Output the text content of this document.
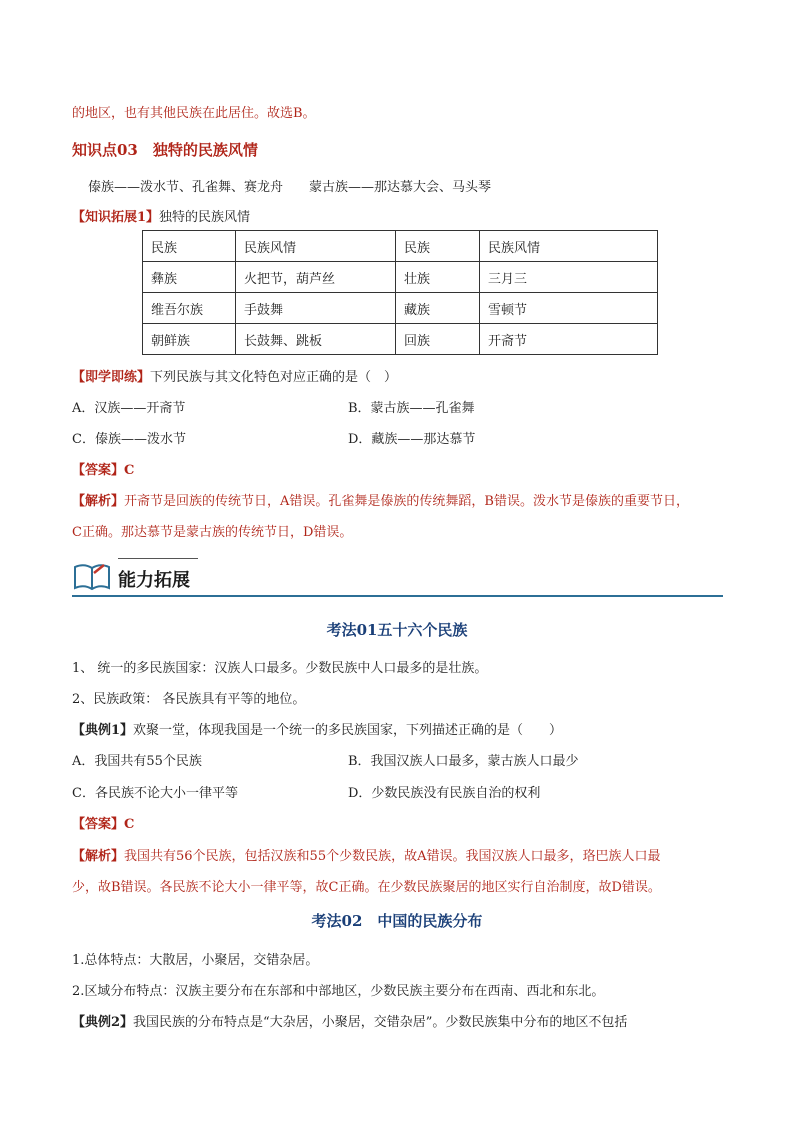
的地区，也有其他民族在此居住。故选B。
知识点03　独特的民族风情
傣族——泼水节、孔雀舞、赛龙舟　　蒙古族——那达慕大会、马头琴
【知识拓展1】独特的民族风情
民族	民族风情	民族	民族风情
彝族	火把节，葫芦丝	壮族	三月三
维吾尔族	手鼓舞	藏族	雪顿节
朝鲜族	长鼓舞、跳板	回族	开斋节
【即学即练】下列民族与其文化特色对应正确的是（　）
A．汉族——开斋节	B．蒙古族——孔雀舞
C．傣族——泼水节	D．藏族——那达慕节
【答案】C
【解析】开斋节是回族的传统节日，A错误。孔雀舞是傣族的传统舞蹈，B错误。泼水节是傣族的重要节日，
C正确。那达慕节是蒙古族的传统节日，D错误。
能力拓展
考法01五十六个民族
1、 统一的多民族国家：汉族人口最多。少数民族中人口最多的是壮族。
2、民族政策： 各民族具有平等的地位。
【典例1】欢聚一堂，体现我国是一个统一的多民族国家，下列描述正确的是（　　）
A．我国共有55个民族	B．我国汉族人口最多，蒙古族人口最少
C．各民族不论大小一律平等	D．少数民族没有民族自治的权利
【答案】C
【解析】我国共有56个民族，包括汉族和55个少数民族，故A错误。我国汉族人口最多，珞巴族人口最
少，故B错误。各民族不论大小一律平等，故C正确。在少数民族聚居的地区实行自治制度，故D错误。
考法02　中国的民族分布
1.总体特点：大散居，小聚居，交错杂居。
2.区域分布特点：汉族主要分布在东部和中部地区，少数民族主要分布在西南、西北和东北。
【典例2】我国民族的分布特点是“大杂居，小聚居，交错杂居”。少数民族集中分布的地区不包括
